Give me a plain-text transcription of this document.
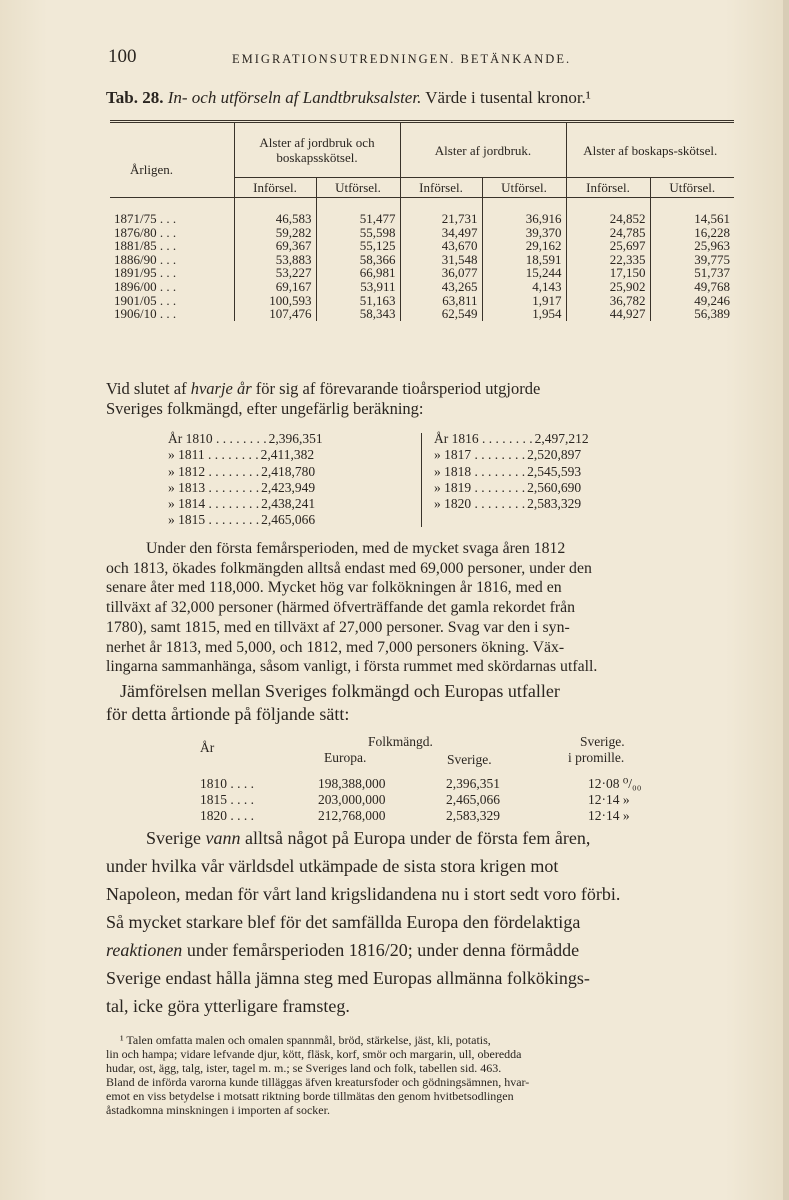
100	EMIGRATIONSUTREDNINGEN. BETÄNKANDE.
Tab. 28. In- och utförseln af Landtbruksalster. Värde i tusental kronor.¹
Årligen.	Alster af jordbruk och boskapsskötsel.		Alster af jordbruk.		Alster af boskaps-skötsel.	
	Införsel.	Utförsel.	Införsel.	Utförsel.	Införsel.	Utförsel.
1871/75 . . .	46,583	51,477	21,731	36,916	24,852	14,561
1876/80 . . .	59,282	55,598	34,497	39,370	24,785	16,228
1881/85 . . .	69,367	55,125	43,670	29,162	25,697	25,963
1886/90 . . .	53,883	58,366	31,548	18,591	22,335	39,775
1891/95 . . .	53,227	66,981	36,077	15,244	17,150	51,737
1896/00 . . .	69,167	53,911	43,265	4,143	25,902	49,768
1901/05 . . .	100,593	51,163	63,811	1,917	36,782	49,246
1906/10 . . .	107,476	58,343	62,549	1,954	44,927	56,389
Vid slutet af hvarje år för sig af förevarande tioårsperiod utgjorde
Sveriges folkmängd, efter ungefärlig beräkning:
År 1810 . . . . . . . . 2,396,351
» 1811 . . . . . . . . 2,411,382
» 1812 . . . . . . . . 2,418,780
» 1813 . . . . . . . . 2,423,949
» 1814 . . . . . . . . 2,438,241
» 1815 . . . . . . . . 2,465,066
År 1816 . . . . . . . . 2,497,212
» 1817 . . . . . . . . 2,520,897
» 1818 . . . . . . . . 2,545,593
» 1819 . . . . . . . . 2,560,690
» 1820 . . . . . . . . 2,583,329
Under den första femårsperioden, med de mycket svaga åren 1812
och 1813, ökades folkmängden alltså endast med 69,000 personer, under den
senare åter med 118,000. Mycket hög var folkökningen år 1816, med en
tillväxt af 32,000 personer (härmed öfverträffande det gamla rekordet från
1780), samt 1815, med en tillväxt af 27,000 personer. Svag var den i syn-
nerhet år 1813, med 5,000, och 1812, med 7,000 personers ökning. Väx-
lingarna sammanhänga, såsom vanligt, i första rummet med skördarnas utfall.
Jämförelsen mellan Sveriges folkmängd och Europas utfaller
för detta årtionde på följande sätt:
År	Folkmängd.
Europa.	Sverige.
Sverige.
i promille.
1810 . . . .	198,388,000	2,396,351	12·08 ⁰/₀₀
1815 . . . .	203,000,000	2,465,066	12·14 »
1820 . . . .	212,768,000	2,583,329	12·14 »
Sverige vann alltså något på Europa under de första fem åren,
under hvilka vår världsdel utkämpade de sista stora krigen mot
Napoleon, medan för vårt land krigslidandena nu i stort sedt voro förbi.
Så mycket starkare blef för det samfällda Europa den fördelaktiga
reaktionen under femårsperioden 1816/20; under denna förmådde
Sverige endast hålla jämna steg med Europas allmänna folkökings-
tal, icke göra ytterligare framsteg.
¹ Talen omfatta malen och omalen spannmål, bröd, stärkelse, jäst, kli, potatis,
lin och hampa; vidare lefvande djur, kött, fläsk, korf, smör och margarin, ull, oberedda
hudar, ost, ägg, talg, ister, tagel m. m.; se Sveriges land och folk, tabellen sid. 463.
Bland de införda varorna kunde tilläggas äfven kreatursfoder och gödningsämnen, hvar-
emot en viss betydelse i motsatt riktning borde tillmätas den genom hvitbetsodlingen
åstadkomna minskningen i importen af socker.
